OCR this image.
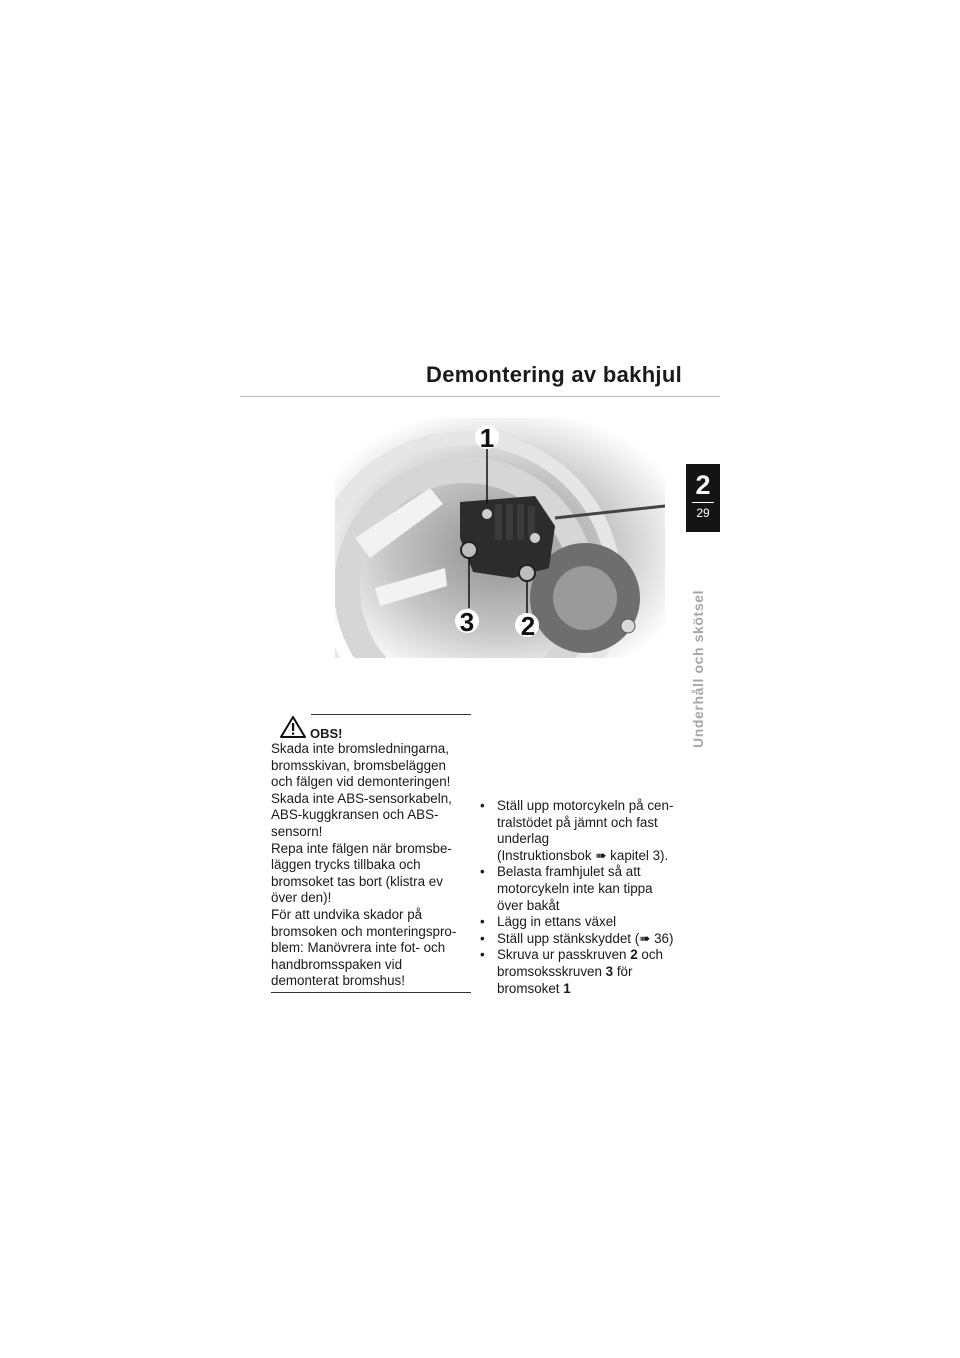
Demontering av bakhjul
1
2
3
2
29
Underhåll och skötsel
OBS!
Skada inte bromsledningarna,
bromsskivan, bromsbeläggen
och fälgen vid demonteringen!
Skada inte ABS-sensorkabeln,
ABS-kuggkransen och ABS-
sensorn!
Repa inte fälgen när bromsbe-
läggen trycks tillbaka och
bromsoket tas bort (klistra ev
över den)!
För att undvika skador på
bromsoken och monteringspro-
blem: Manövrera inte fot- och
handbromsspaken vid
demonterat bromshus!
• Ställ upp motorcykeln på cen-
tralstödet på jämnt och fast
underlag
(Instruktionsbok ➠ kapitel 3).
• Belasta framhjulet så att
motorcykeln inte kan tippa
över bakåt
• Lägg in ettans växel
• Ställ upp stänkskyddet (➠ 36)
• Skruva ur passkruven 2 och
bromsoksskruven 3 för
bromsoket 1
